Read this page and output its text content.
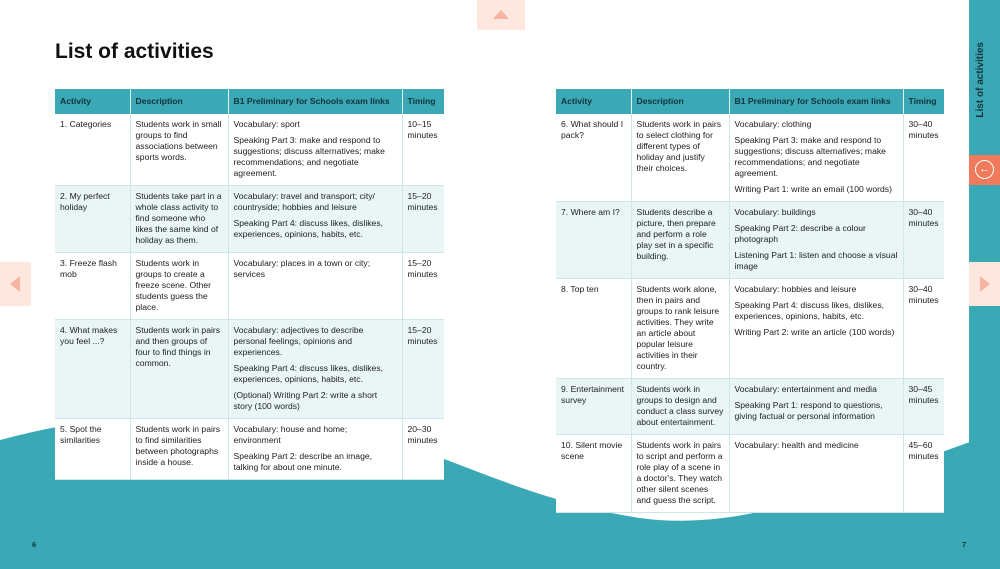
List of activities
Activity	Description	B1 Preliminary for Schools exam links	Timing
1. Categories	Students work in small groups to find associations between sports words.	Vocabulary: sport
Speaking Part 3: make and respond to suggestions; discuss alternatives; make recommendations; and negotiate agreement.	10–15 minutes
2. My perfect holiday	Students take part in a whole class activity to find someone who likes the same kind of holiday as them.	Vocabulary: travel and transport; city/ countryside; hobbies and leisure
Speaking Part 4: discuss likes, dislikes, experiences, opinions, habits, etc.	15–20 minutes
3. Freeze flash mob	Students work in groups to create a freeze scene. Other students guess the place.	Vocabulary: places in a town or city; services	15–20 minutes
4. What makes you feel ...?	Students work in pairs and then groups of four to find things in common.	Vocabulary: adjectives to describe personal feelings, opinions and experiences.
Speaking Part 4: discuss likes, dislikes, experiences, opinions, habits, etc.
(Optional) Writing Part 2: write a short story (100 words)	15–20 minutes
5. Spot the similarities	Students work in pairs to find similarities between photographs inside a house.	Vocabulary: house and home; environment
Speaking Part 2: describe an image, talking for about one minute.	20–30 minutes
Activity	Description	B1 Preliminary for Schools exam links	Timing
6. What should I pack?	Students work in pairs to select clothing for different types of holiday and justify their choices.	Vocabulary: clothing
Speaking Part 3: make and respond to suggestions; discuss alternatives; make recommendations; and negotiate agreement.
Writing Part 1: write an email (100 words)	30–40 minutes
7. Where am I?	Students describe a picture, then prepare and perform a role play set in a specific building.	Vocabulary: buildings
Speaking Part 2: describe a colour photograph
Listening Part 1: listen and choose a visual image	30–40 minutes
8. Top ten	Students work alone, then in pairs and groups to rank leisure activities. They write an article about popular leisure activities in their country.	Vocabulary: hobbies and leisure
Speaking Part 4: discuss likes, dislikes, experiences, opinions, habits, etc.
Writing Part 2: write an article (100 words)	30–40 minutes
9. Entertainment survey	Students work in groups to design and conduct a class survey about entertainment.	Vocabulary: entertainment and media
Speaking Part 1: respond to questions, giving factual or personal information	30–45 minutes
10. Silent movie scene	Students work in pairs to script and perform a role play of a scene in a doctor's. They watch other silent scenes and guess the script.	Vocabulary: health and medicine	45–60 minutes
List of activities
←
6	7
